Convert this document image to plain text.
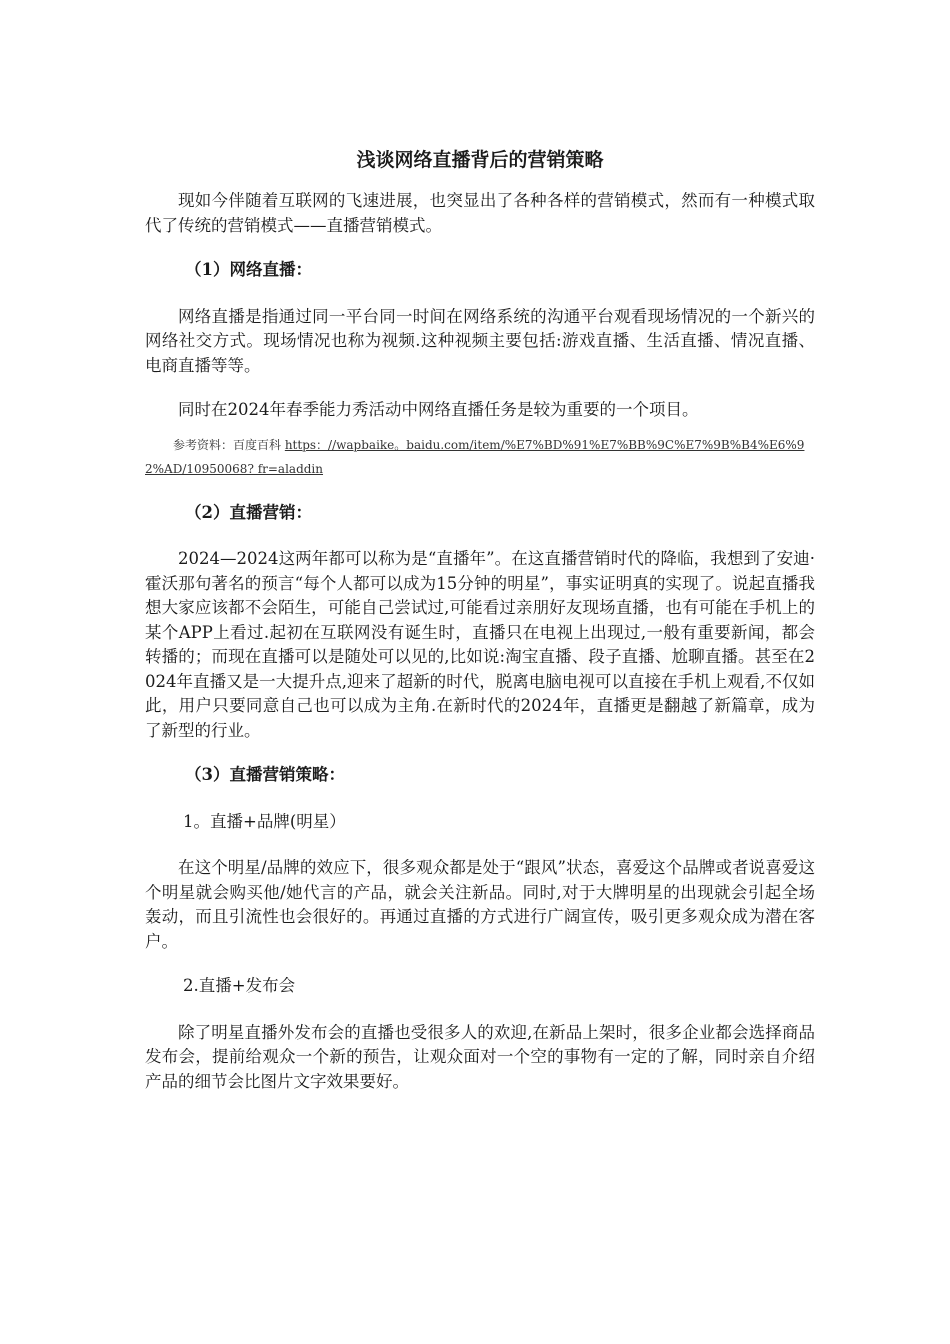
浅谈网络直播背后的营销策略

现如今伴随着互联网的飞速进展，也突显出了各种各样的营销模式，然而有一种模式取代了传统的营销模式——直播营销模式。

（1）网络直播：

网络直播是指通过同一平台同一时间在网络系统的沟通平台观看现场情况的一个新兴的网络社交方式。现场情况也称为视频.这种视频主要包括:游戏直播、生活直播、情况直播、电商直播等等。

同时在2024年春季能力秀活动中网络直播任务是较为重要的一个项目。

参考资料：百度百科 https：//wapbaike。baidu.com/item/%E7%BD%91%E7%BB%9C%E7%9B%B4%E6%92%AD/10950068? fr=aladdin
（2）直播营销：

2024—2024这两年都可以称为是“直播年”。在这直播营销时代的降临，我想到了安迪·霍沃那句著名的预言“每个人都可以成为15分钟的明星”，事实证明真的实现了。说起直播我想大家应该都不会陌生，可能自己尝试过,可能看过亲朋好友现场直播，也有可能在手机上的某个APP上看过.起初在互联网没有诞生时，直播只在电视上出现过,一般有重要新闻，都会转播的；而现在直播可以是随处可以见的,比如说:淘宝直播、段子直播、尬聊直播。甚至在2024年直播又是一大提升点,迎来了超新的时代，脱离电脑电视可以直接在手机上观看,不仅如此，用户只要同意自己也可以成为主角.在新时代的2024年，直播更是翻越了新篇章，成为了新型的行业。

（3）直播营销策略：
1。直播+品牌(明星）

在这个明星/品牌的效应下，很多观众都是处于“跟风”状态，喜爱这个品牌或者说喜爱这个明星就会购买他/她代言的产品，就会关注新品。同时,对于大牌明星的出现就会引起全场轰动，而且引流性也会很好的。再通过直播的方式进行广阔宣传，吸引更多观众成为潜在客户。

2.直播+发布会

除了明星直播外发布会的直播也受很多人的欢迎,在新品上架时，很多企业都会选择商品发布会，提前给观众一个新的预告，让观众面对一个空的事物有一定的了解，同时亲自介绍产品的细节会比图片文字效果要好。
